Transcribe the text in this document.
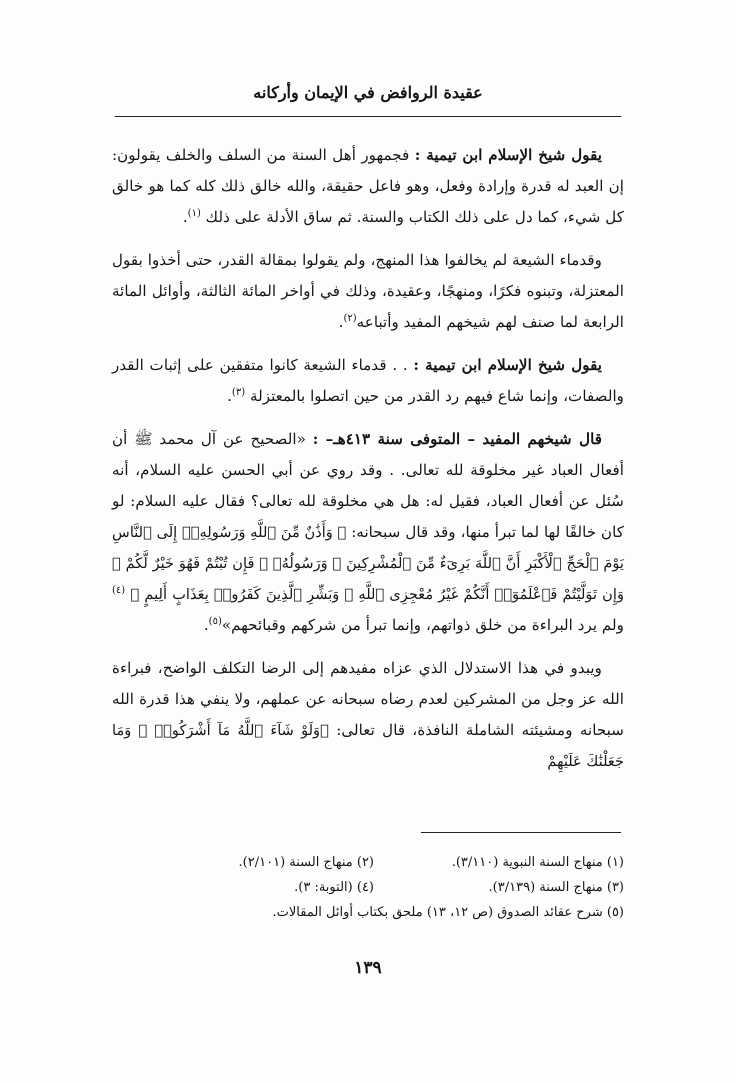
عقيدة الروافض في الإيمان وأركانه

يقول شيخ الإسلام ابن تيمية : فجمهور أهل السنة من السلف والخلف يقولون: إن العبد له قدرة وإرادة وفعل، وهو فاعل حقيقة، والله خالق ذلك كله كما هو خالق كل شيء، كما دل على ذلك الكتاب والسنة. ثم ساق الأدلة على ذلك $^{(١)}$.

وقدماء الشيعة لم يخالفوا هذا المنهج، ولم يقولوا بمقالة القدر، حتى أخذوا بقول المعتزلة، وتبنوه فكرًا، ومنهجًا، وعقيدة، وذلك في أواخر المائة الثالثة، وأوائل المائة الرابعة لما صنف لهم شيخهم المفيد وأتباعه$^{(٢)}$.

يقول شيخ الإسلام ابن تيمية : . . قدماء الشيعة كانوا متفقين على إثبات القدر والصفات، وإنما شاع فيهم رد القدر من حين اتصلوا بالمعتزلة $^{(٣)}$.

قال شيخهم المفيد – المتوفى سنة ٤١٣هـ– : «الصحيح عن آل محمد ﷺ أن أفعال العباد غير مخلوقة لله تعالى. . وقد روي عن أبي الحسن عليه السلام، أنه سُئل عن أفعال العباد، فقيل له: هل هي مخلوقة لله تعالى؟ فقال عليه السلام: لو كان خالقًا لها لما تبرأ منها، وقد قال سبحانه: ﴿ وَأَذَٰنٌ مِّنَ ٱللَّهِ وَرَسُولِهِۦٓ إِلَى ٱلنَّاسِ يَوْمَ ٱلْحَجِّ ٱلْأَكْبَرِ أَنَّ ٱللَّهَ بَرِىٓءٌ مِّنَ ٱلْمُشْرِكِينَ ۙ وَرَسُولُهُۥ ۚ فَإِن تُبْتُمْ فَهُوَ خَيْرٌ لَّكُمْ ۖ وَإِن تَوَلَّيْتُمْ فَٱعْلَمُوٓا۟ أَنَّكُمْ غَيْرُ مُعْجِزِى ٱللَّهِ ۗ وَبَشِّرِ ٱلَّذِينَ كَفَرُوا۟ بِعَذَابٍ أَلِيمٍ ﴾ $^{(٤)}$ ولم يرد البراءة من خلق ذواتهم، وإنما تبرأ من شركهم وقبائحهم»$^{(٥)}$.

ويبدو في هذا الاستدلال الذي عزاه مفيدهم إلى الرضا التكلف الواضح، فبراءة الله عز وجل من المشركين لعدم رضاه سبحانه عن عملهم، ولا ينفي هذا قدرة الله سبحانه ومشيئته الشاملة النافذة، قال تعالى: ﴿وَلَوْ شَآءَ ٱللَّهُ مَآ أَشْرَكُوا۟ ۗ وَمَا جَعَلْنَٰكَ عَلَيْهِمْ

(١) منهاج السنة النبوية (٣/١١٠).
(٢) منهاج السنة (٢/١٠١).
(٣) منهاج السنة (٣/١٣٩).
(٤) (التوبة: ٣).
(٥) شرح عقائد الصدوق (ص ١٢، ١٣) ملحق بكتاب أوائل المقالات.
١٣٩
